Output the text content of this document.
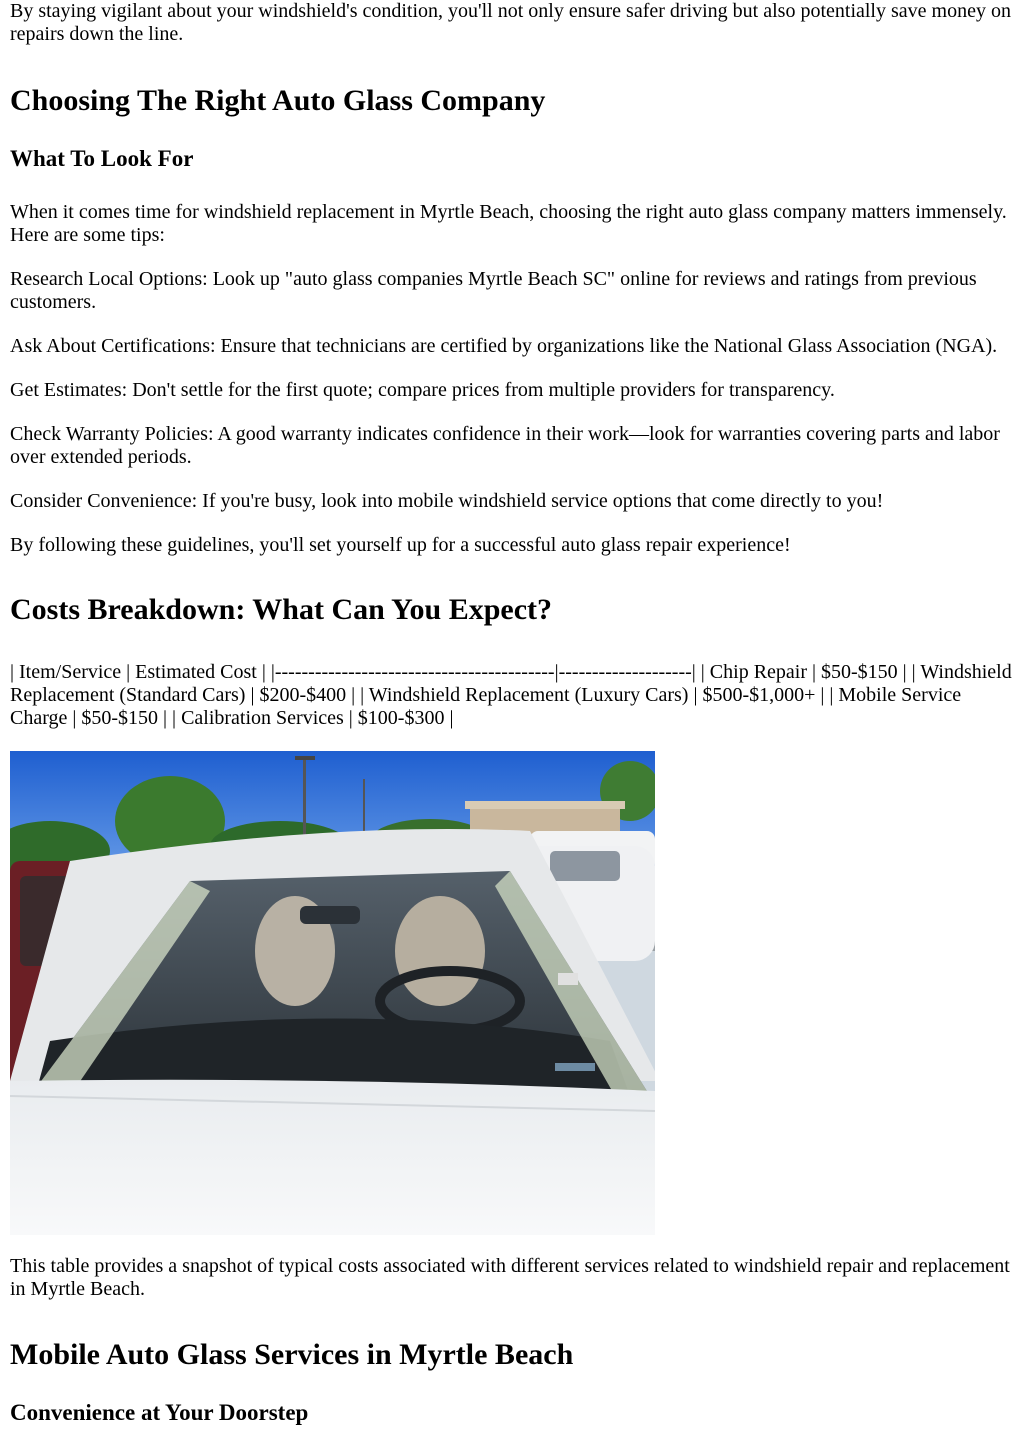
By staying vigilant about your windshield's condition, you'll not only ensure safer driving but also potentially save money on repairs down the line.

Choosing The Right Auto Glass Company
What To Look For

When it comes time for windshield replacement in Myrtle Beach, choosing the right auto glass company matters immensely. Here are some tips:

Research Local Options: Look up "auto glass companies Myrtle Beach SC" online for reviews and ratings from previous customers.

Ask About Certifications: Ensure that technicians are certified by organizations like the National Glass Association (NGA).

Get Estimates: Don't settle for the first quote; compare prices from multiple providers for transparency.

Check Warranty Policies: A good warranty indicates confidence in their work—look for warranties covering parts and labor over extended periods.

Consider Convenience: If you're busy, look into mobile windshield service options that come directly to you!

By following these guidelines, you'll set yourself up for a successful auto glass repair experience!

Costs Breakdown: What Can You Expect?

| Item/Service | Estimated Cost | |------------------------------------------|--------------------| | Chip Repair | $50-$150 | | Windshield Replacement (Standard Cars) | $200-$400 | | Windshield Replacement (Luxury Cars) | $500-$1,000+ | | Mobile Service Charge | $50-$150 | | Calibration Services | $100-$300 |

This table provides a snapshot of typical costs associated with different services related to windshield repair and replacement in Myrtle Beach.

Mobile Auto Glass Services in Myrtle Beach
Convenience at Your Doorstep
